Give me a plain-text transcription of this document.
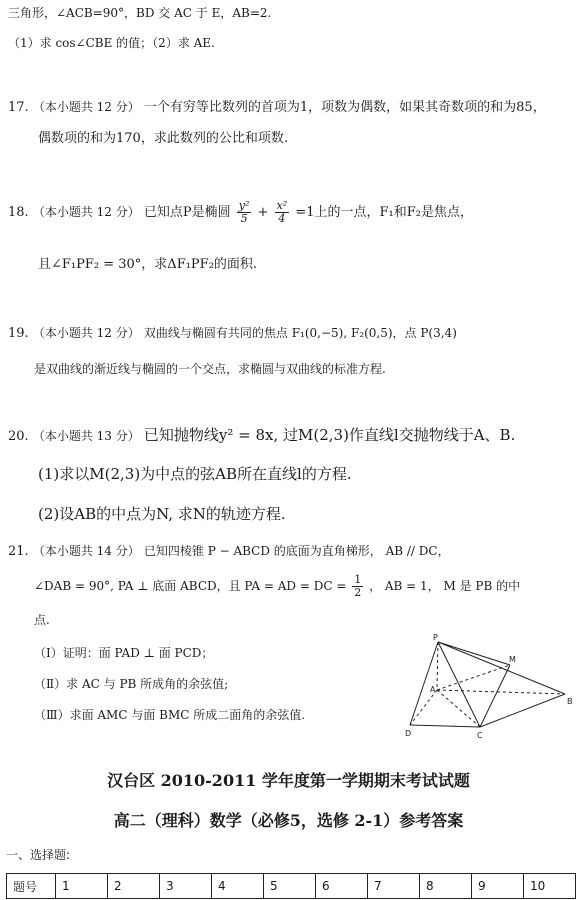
三角形，∠ACB=90°，BD 交 AC 于 E，AB=2.
（1）求 cos∠CBE 的值；（2）求 AE.
17. （本小题共 12 分） 一个有穷等比数列的首项为1，项数为偶数，如果其奇数项的和为85，
偶数项的和为170，求此数列的公比和项数.
18. （本小题共 12 分） 已知点P是椭圆 $\frac{\text{y²}}{5} + \frac{\text{x²}}{4} =1$上的一点，F₁和F₂是焦点，
且∠F₁PF₂ = 30°，求ΔF₁PF₂的面积.
19. （本小题共 12 分） 双曲线与椭圆有共同的焦点 F₁(0,−5), F₂(0,5)，点 P(3,4)
是双曲线的渐近线与椭圆的一个交点，求椭圆与双曲线的标准方程.
20. （本小题共 13 分） 已知抛物线y² = 8x, 过M(2,3)作直线l交抛物线于A、B.
(1)求以M(2,3)为中点的弦AB所在直线l的方程.
(2)设AB的中点为N, 求N的轨迹方程.
21. （本小题共 14 分） 已知四棱锥 P − ABCD 的底面为直角梯形， AB // DC，
∠DAB = 90°, PA ⊥ 底面 ABCD，且 PA = AD = DC = $\frac{1}{2}$ ， AB = 1， M 是 PB 的中
点.
（Ⅰ）证明：面 PAD ⊥ 面 PCD；
（Ⅱ）求 AC 与 PB 所成角的余弦值;
（Ⅲ）求面 AMC 与面 BMC 所成二面角的余弦值.
P
M
A
B
C
D
汉台区 2010-2011 学年度第一学期期末考试试题
高二（理科）数学（必修5，选修 2-1）参考答案
一、选择题:
题号	1	2	3	4	5	6	7	8	9	10
